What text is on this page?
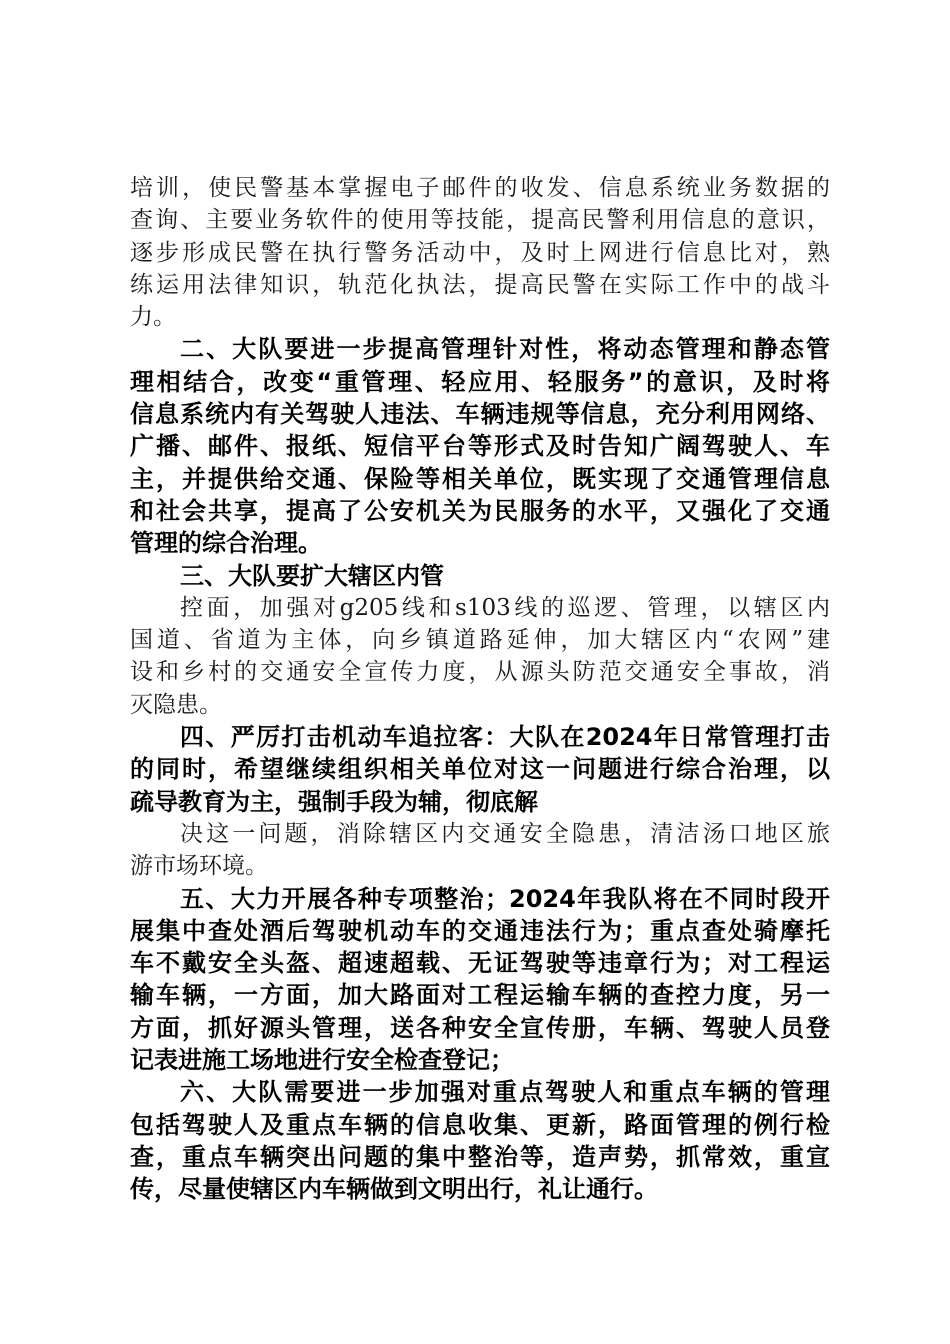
培训，使民警基本掌握电子邮件的收发、信息系统业务数据的
查询、主要业务软件的使用等技能，提高民警利用信息的意识，
逐步形成民警在执行警务活动中，及时上网进行信息比对，熟
练运用法律知识，轨范化执法，提高民警在实际工作中的战斗
力。
二、大队要进一步提高管理针对性，将动态管理和静态管
理相结合，改变“重管理、轻应用、轻服务”的意识，及时将
信息系统内有关驾驶人违法、车辆违规等信息，充分利用网络、
广播、邮件、报纸、短信平台等形式及时告知广阔驾驶人、车
主，并提供给交通、保险等相关单位，既实现了交通管理信息
和社会共享，提高了公安机关为民服务的水平，又强化了交通
管理的综合治理。
三、大队要扩大辖区内管
控面，加强对g205线和s103线的巡逻、管理，以辖区内
国道、省道为主体，向乡镇道路延伸，加大辖区内“农网”建
设和乡村的交通安全宣传力度，从源头防范交通安全事故，消
灭隐患。
四、严厉打击机动车追拉客：大队在2024年日常管理打击
的同时，希望继续组织相关单位对这一问题进行综合治理，以
疏导教育为主，强制手段为辅，彻底解
决这一问题，消除辖区内交通安全隐患，清洁汤口地区旅
游市场环境。
五、大力开展各种专项整治；2024年我队将在不同时段开
展集中查处酒后驾驶机动车的交通违法行为；重点查处骑摩托
车不戴安全头盔、超速超载、无证驾驶等违章行为；对工程运
输车辆，一方面，加大路面对工程运输车辆的查控力度，另一
方面，抓好源头管理，送各种安全宣传册，车辆、驾驶人员登
记表进施工场地进行安全检查登记；
六、大队需要进一步加强对重点驾驶人和重点车辆的管理
包括驾驶人及重点车辆的信息收集、更新，路面管理的例行检
查，重点车辆突出问题的集中整治等，造声势，抓常效，重宣
传，尽量使辖区内车辆做到文明出行，礼让通行。
